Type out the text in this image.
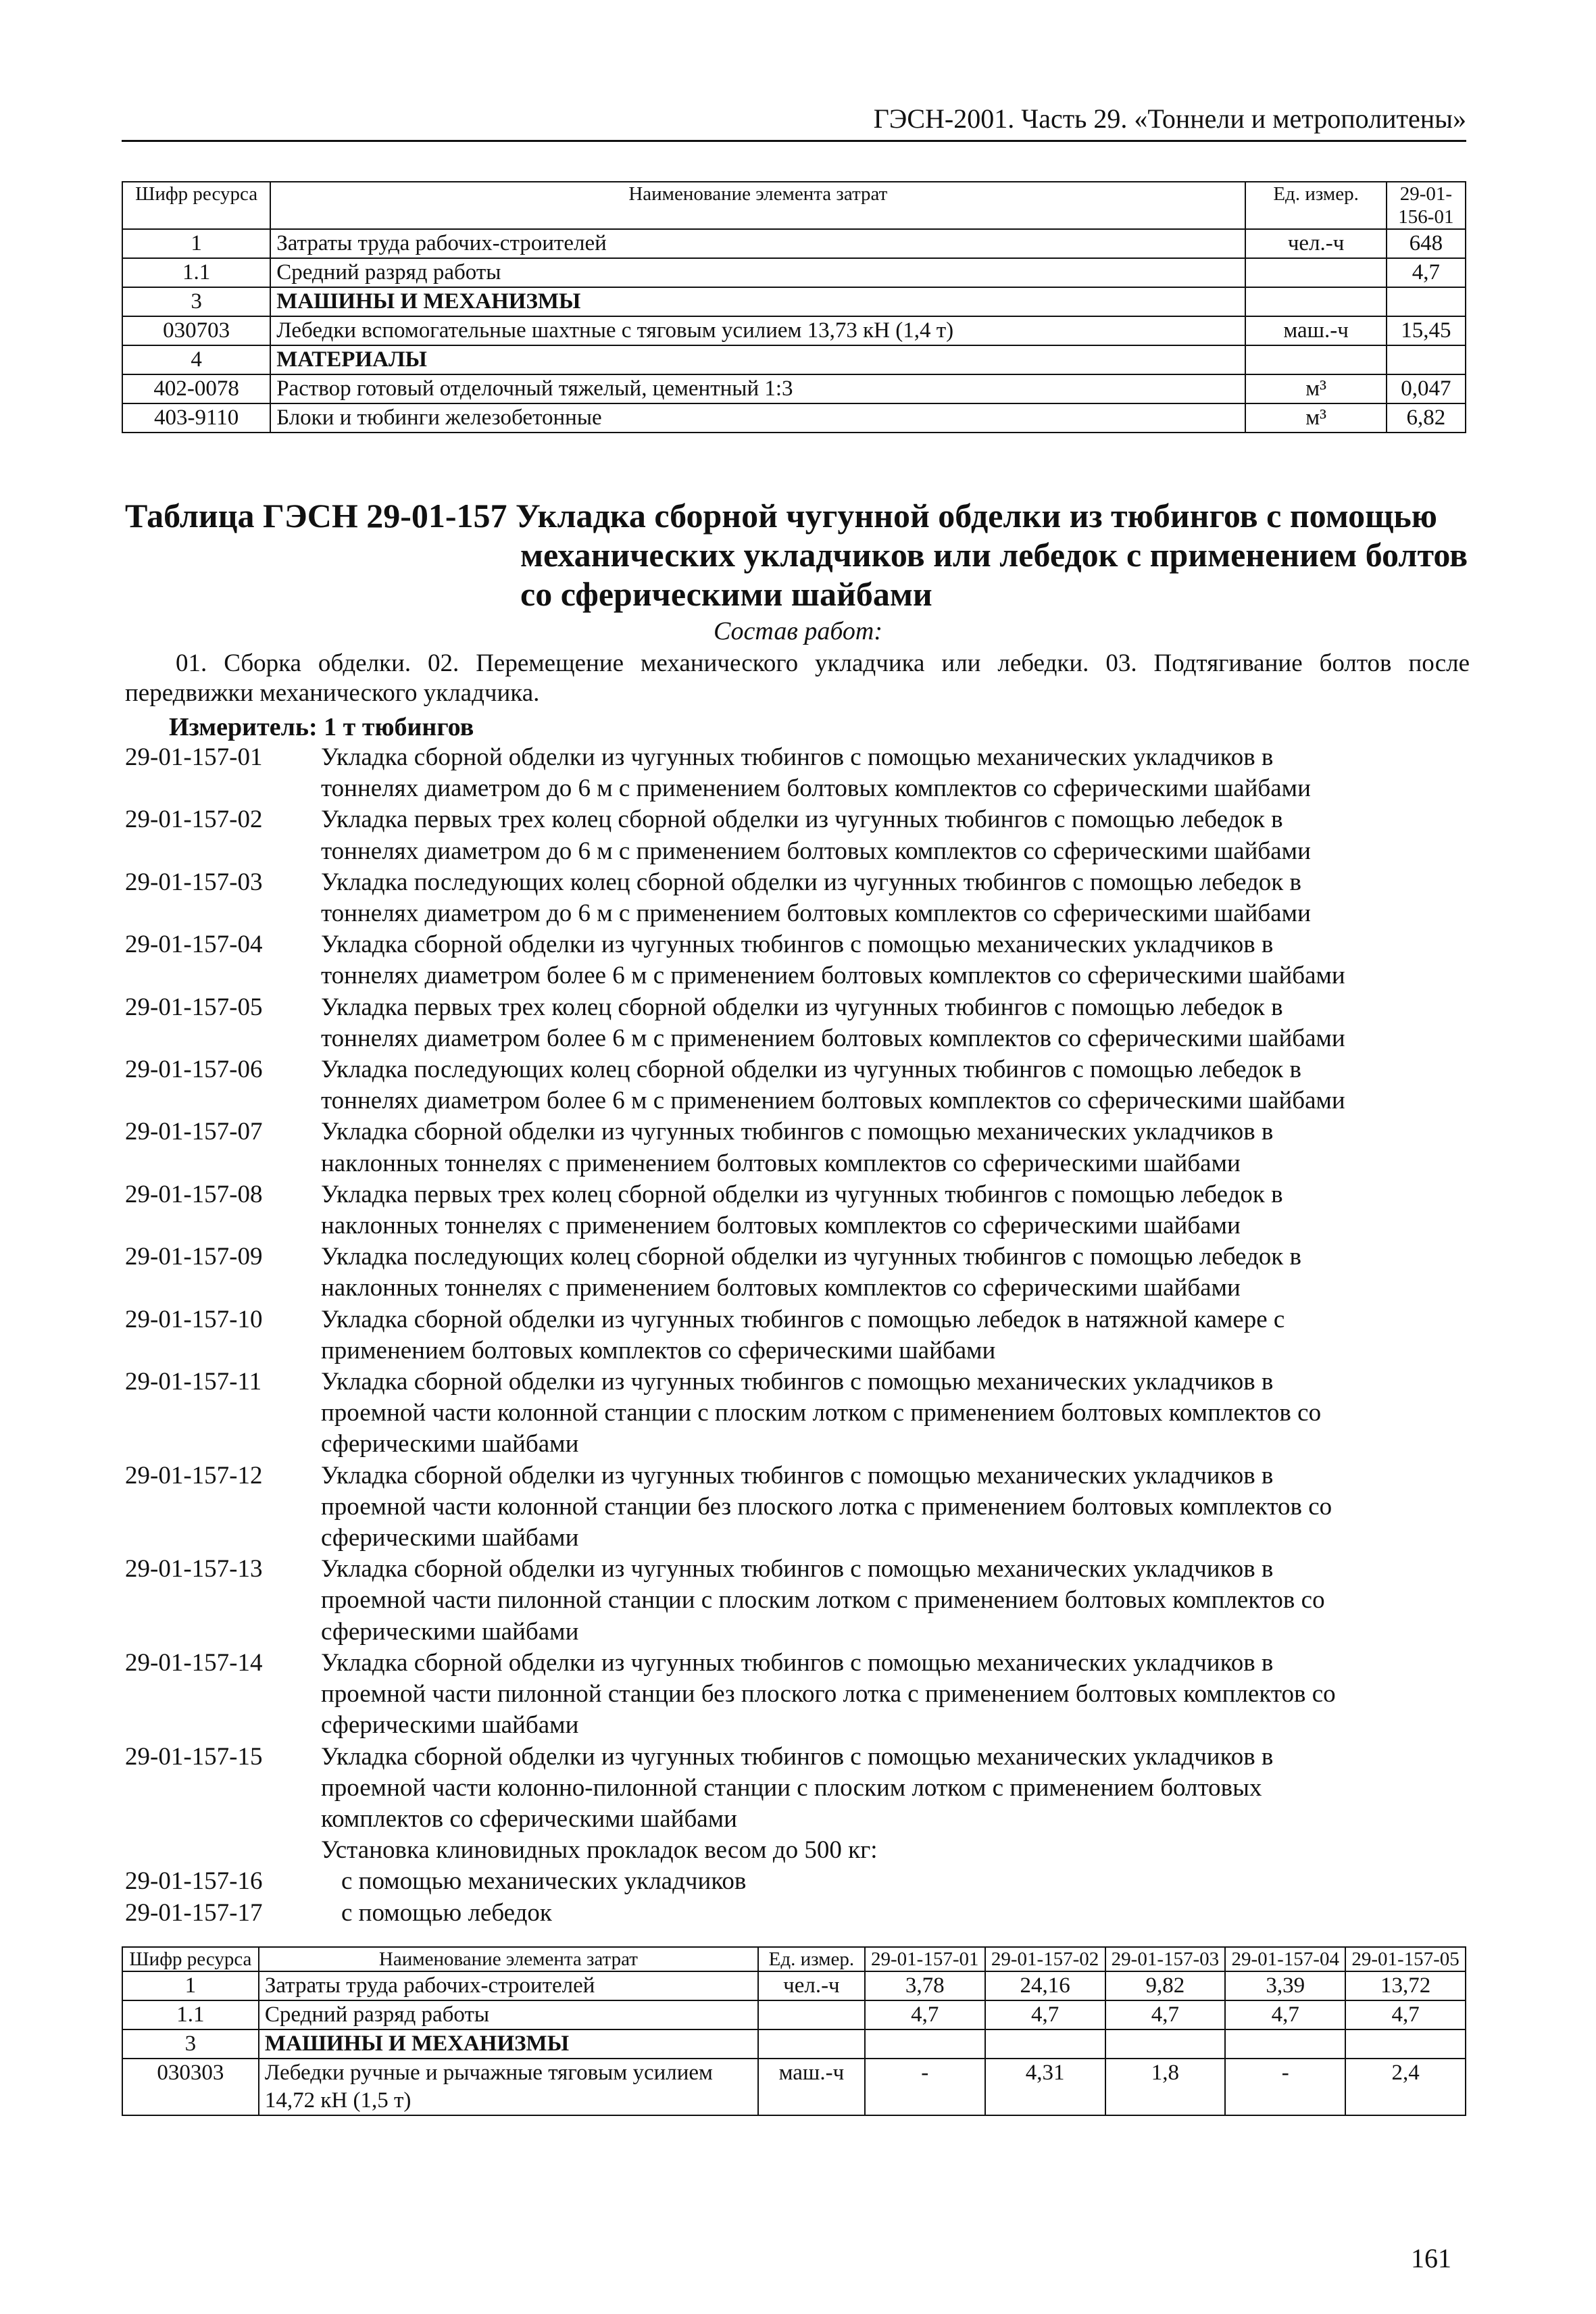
ГЭСН-2001. Часть 29. «Тоннели и метрополитены»
Шифр ресурса	Наименование элемента затрат	Ед. измер.	29-01-156-01
1	Затраты труда рабочих-строителей	чел.-ч	648
1.1	Средний разряд работы		4,7
3	МАШИНЫ И МЕХАНИЗМЫ		
030703	Лебедки вспомогательные шахтные с тяговым усилием 13,73 кН (1,4 т)	маш.-ч	15,45
4	МАТЕРИАЛЫ		
402-0078	Раствор готовый отделочный тяжелый, цементный 1:3	м³	0,047
403-9110	Блоки и тюбинги железобетонные	м³	6,82
Таблица ГЭСН 29-01-157 Укладка сборной чугунной обделки из тюбингов с помощью
механических укладчиков или лебедок с применением болтов
со сферическими шайбами
Состав работ:
01. Сборка обделки. 02. Перемещение механического укладчика или лебедки. 03. Подтягивание болтов после передвижки механического укладчика.
Измеритель: 1 т тюбингов
29-01-157-01	Укладка сборной обделки из чугунных тюбингов с помощью механических укладчиков в
тоннелях диаметром до 6 м с применением болтовых комплектов со сферическими шайбами
29-01-157-02	Укладка первых трех колец сборной обделки из чугунных тюбингов с помощью лебедок в
тоннелях диаметром до 6 м с применением болтовых комплектов со сферическими шайбами
29-01-157-03	Укладка последующих колец сборной обделки из чугунных тюбингов с помощью лебедок в
тоннелях диаметром до 6 м с применением болтовых комплектов со сферическими шайбами
29-01-157-04	Укладка сборной обделки из чугунных тюбингов с помощью механических укладчиков в
тоннелях диаметром более 6 м с применением болтовых комплектов со сферическими шайбами
29-01-157-05	Укладка первых трех колец сборной обделки из чугунных тюбингов с помощью лебедок в
тоннелях диаметром более 6 м с применением болтовых комплектов со сферическими шайбами
29-01-157-06	Укладка последующих колец сборной обделки из чугунных тюбингов с помощью лебедок в
тоннелях диаметром более 6 м с применением болтовых комплектов со сферическими шайбами
29-01-157-07	Укладка сборной обделки из чугунных тюбингов с помощью механических укладчиков в
наклонных тоннелях с применением болтовых комплектов со сферическими шайбами
29-01-157-08	Укладка первых трех колец сборной обделки из чугунных тюбингов с помощью лебедок в
наклонных тоннелях с применением болтовых комплектов со сферическими шайбами
29-01-157-09	Укладка последующих колец сборной обделки из чугунных тюбингов с помощью лебедок в
наклонных тоннелях с применением болтовых комплектов со сферическими шайбами
29-01-157-10	Укладка сборной обделки из чугунных тюбингов с помощью лебедок в натяжной камере с
применением болтовых комплектов со сферическими шайбами
29-01-157-11	Укладка сборной обделки из чугунных тюбингов с помощью механических укладчиков в
проемной части колонной станции с плоским лотком с применением болтовых комплектов со
сферическими шайбами
29-01-157-12	Укладка сборной обделки из чугунных тюбингов с помощью механических укладчиков в
проемной части колонной станции без плоского лотка с применением болтовых комплектов со
сферическими шайбами
29-01-157-13	Укладка сборной обделки из чугунных тюбингов с помощью механических укладчиков в
проемной части пилонной станции с плоским лотком с применением болтовых комплектов со
сферическими шайбами
29-01-157-14	Укладка сборной обделки из чугунных тюбингов с помощью механических укладчиков в
проемной части пилонной станции без плоского лотка с применением болтовых комплектов со
сферическими шайбами
29-01-157-15	Укладка сборной обделки из чугунных тюбингов с помощью механических укладчиков в
проемной части колонно-пилонной станции с плоским лотком с применением болтовых
комплектов со сферическими шайбами
Установка клиновидных прокладок весом до 500 кг:
29-01-157-16	с помощью механических укладчиков
29-01-157-17	с помощью лебедок
Шифр ресурса	Наименование элемента затрат	Ед. измер.	29-01-157-01	29-01-157-02	29-01-157-03	29-01-157-04	29-01-157-05
1	Затраты труда рабочих-строителей	чел.-ч	3,78	24,16	9,82	3,39	13,72
1.1	Средний разряд работы		4,7	4,7	4,7	4,7	4,7
3	МАШИНЫ И МЕХАНИЗМЫ						
030303	Лебедки ручные и рычажные тяговым усилием 14,72 кН (1,5 т)	маш.-ч	-	4,31	1,8	-	2,4
161
